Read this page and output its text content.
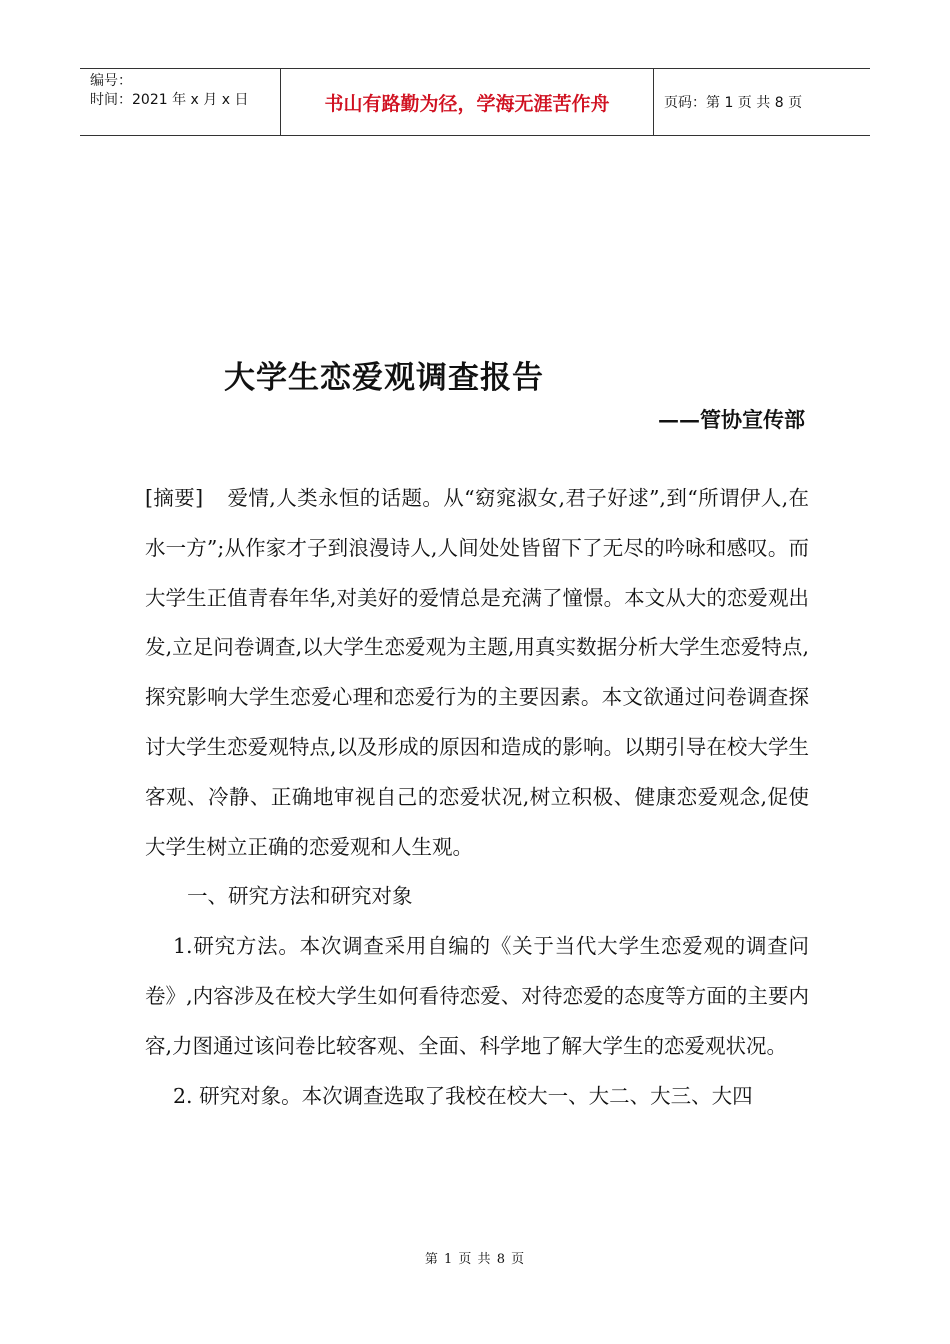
编号：
时间：2021 年 x 月 x 日	书山有路勤为径，学海无涯苦作舟	页码：第 1 页 共 8 页
大学生恋爱观调查报告
——管协宣传部

[摘要] 爱情,人类永恒的话题。从“窈窕淑女,君子好逑”,到“所谓伊人,在水一方”;从作家才子到浪漫诗人,人间处处皆留下了无尽的吟咏和感叹。而大学生正值青春年华,对美好的爱情总是充满了憧憬。本文从大的恋爱观出发,立足问卷调查,以大学生恋爱观为主题,用真实数据分析大学生恋爱特点,探究影响大学生恋爱心理和恋爱行为的主要因素。本文欲通过问卷调查探讨大学生恋爱观特点,以及形成的原因和造成的影响。以期引导在校大学生客观、冷静、正确地审视自己的恋爱状况,树立积极、健康恋爱观念,促使大学生树立正确的恋爱观和人生观。

一、研究方法和研究对象

1.研究方法。本次调查采用自编的《关于当代大学生恋爱观的调查问卷》,内容涉及在校大学生如何看待恋爱、对待恋爱的态度等方面的主要内容,力图通过该问卷比较客观、全面、科学地了解大学生的恋爱观状况。

2. 研究对象。本次调查选取了我校在校大一、大二、大三、大四

第 1 页 共 8 页
